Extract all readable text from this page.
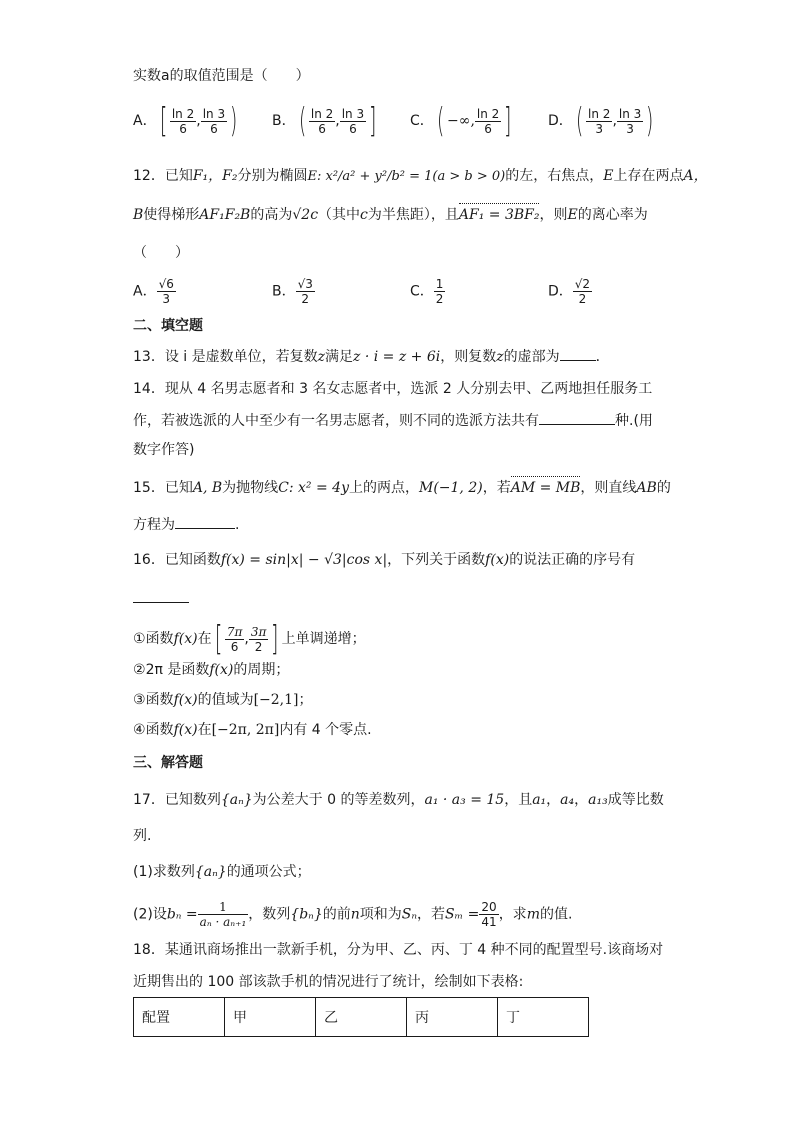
实数a的取值范围是（　　）
A．[ $\frac{\ln 2}{6}$ , $\frac{\ln 3}{6}$ ) B．( $\frac{\ln 2}{6}$ , $\frac{\ln 3}{6}$ ] C．( −∞, $\frac{\ln 2}{6}$ ]	D．( $\frac{\ln 2}{3}$ , $\frac{\ln 3}{3}$ )
12．已知F₁，F₂分别为椭圆E: x²/a² + y²/b² = 1(a > b > 0)的左，右焦点，E上存在两点A，
B使得梯形AF₁F₂B的高为√2c（其中c为半焦距），且AF₁ = 3BF₂，则E的离心率为
（　　）
A． $\frac{√6}{3}$	B． $\frac{√3}{2}$	C． $\frac{1}{2}$	D． $\frac{√2}{2}$
二、填空题
13．设 i 是虚数单位，若复数z满足z · i = z + 6i，则复数z的虚部为	．
14．现从 4 名男志愿者和 3 名女志愿者中，选派 2 人分别去甲、乙两地担任服务工
作，若被选派的人中至少有一名男志愿者，则不同的选派方法共有	种.(用
数字作答)
15．已知A, B为抛物线C: x² = 4y上的两点，M(−1, 2)，若AM = MB，则直线AB的
方程为	.
16．已知函数f(x) = sin|x| − √3|cos x|，下列关于函数f(x)的说法正确的序号有
①函数f(x)在[ $\frac{7\pi}{6}$ , $\frac{3\pi}{2}$ ] 上单调递增；
②2π 是函数f(x)的周期；
③函数f(x)的值域为[−2,1]；
④函数f(x)在[−2π, 2π]内有 4 个零点.
三、解答题
17．已知数列{aₙ}为公差大于 0 的等差数列，a₁ · a₃ = 15，且a₁，a₄，a₁₃成等比数
列.
(1)求数列{aₙ}的通项公式；
(2)设$b_n = \frac{1}{\text{aₙ · aₙ₊₁}}$ ，数列{bₙ}的前n项和为Sₙ，若$S_m = \frac{20}{41}$ ，求m的值.
18．某通讯商场推出一款新手机，分为甲、乙、丙、丁 4 种不同的配置型号.该商场对
近期售出的 100 部该款手机的情况进行了统计，绘制如下表格:
配置	甲	乙	丙	丁
